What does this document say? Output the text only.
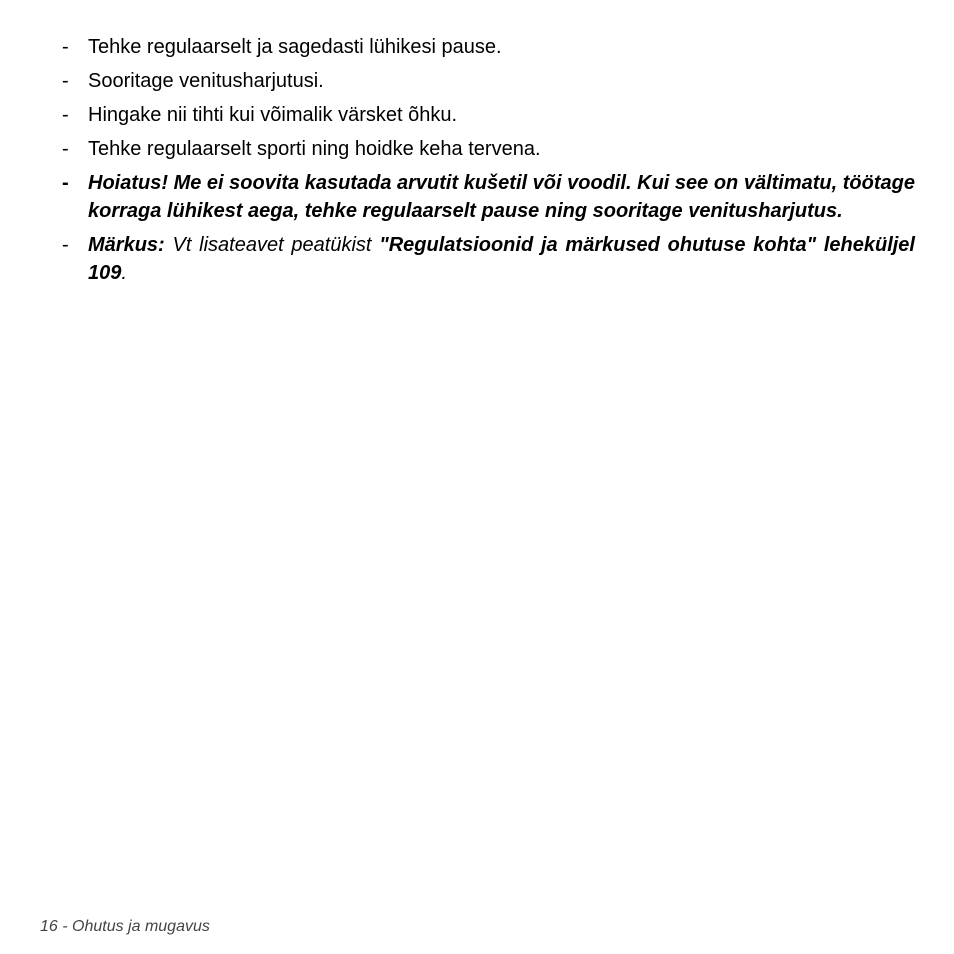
- Tehke regulaarselt ja sagedasti lühikesi pause.
- Sooritage venitusharjutusi.
- Hingake nii tihti kui võimalik värsket õhku.
- Tehke regulaarselt sporti ning hoidke keha tervena.
- Hoiatus! Me ei soovita kasutada arvutit kušetil või voodil. Kui see on vältimatu, töötage korraga lühikest aega, tehke regulaarselt pause ning sooritage venitusharjutus.
- Märkus: Vt lisateavet peatükist "Regulatsioonid ja märkused ohutuse kohta" leheküljel 109.
16 - Ohutus ja mugavus
